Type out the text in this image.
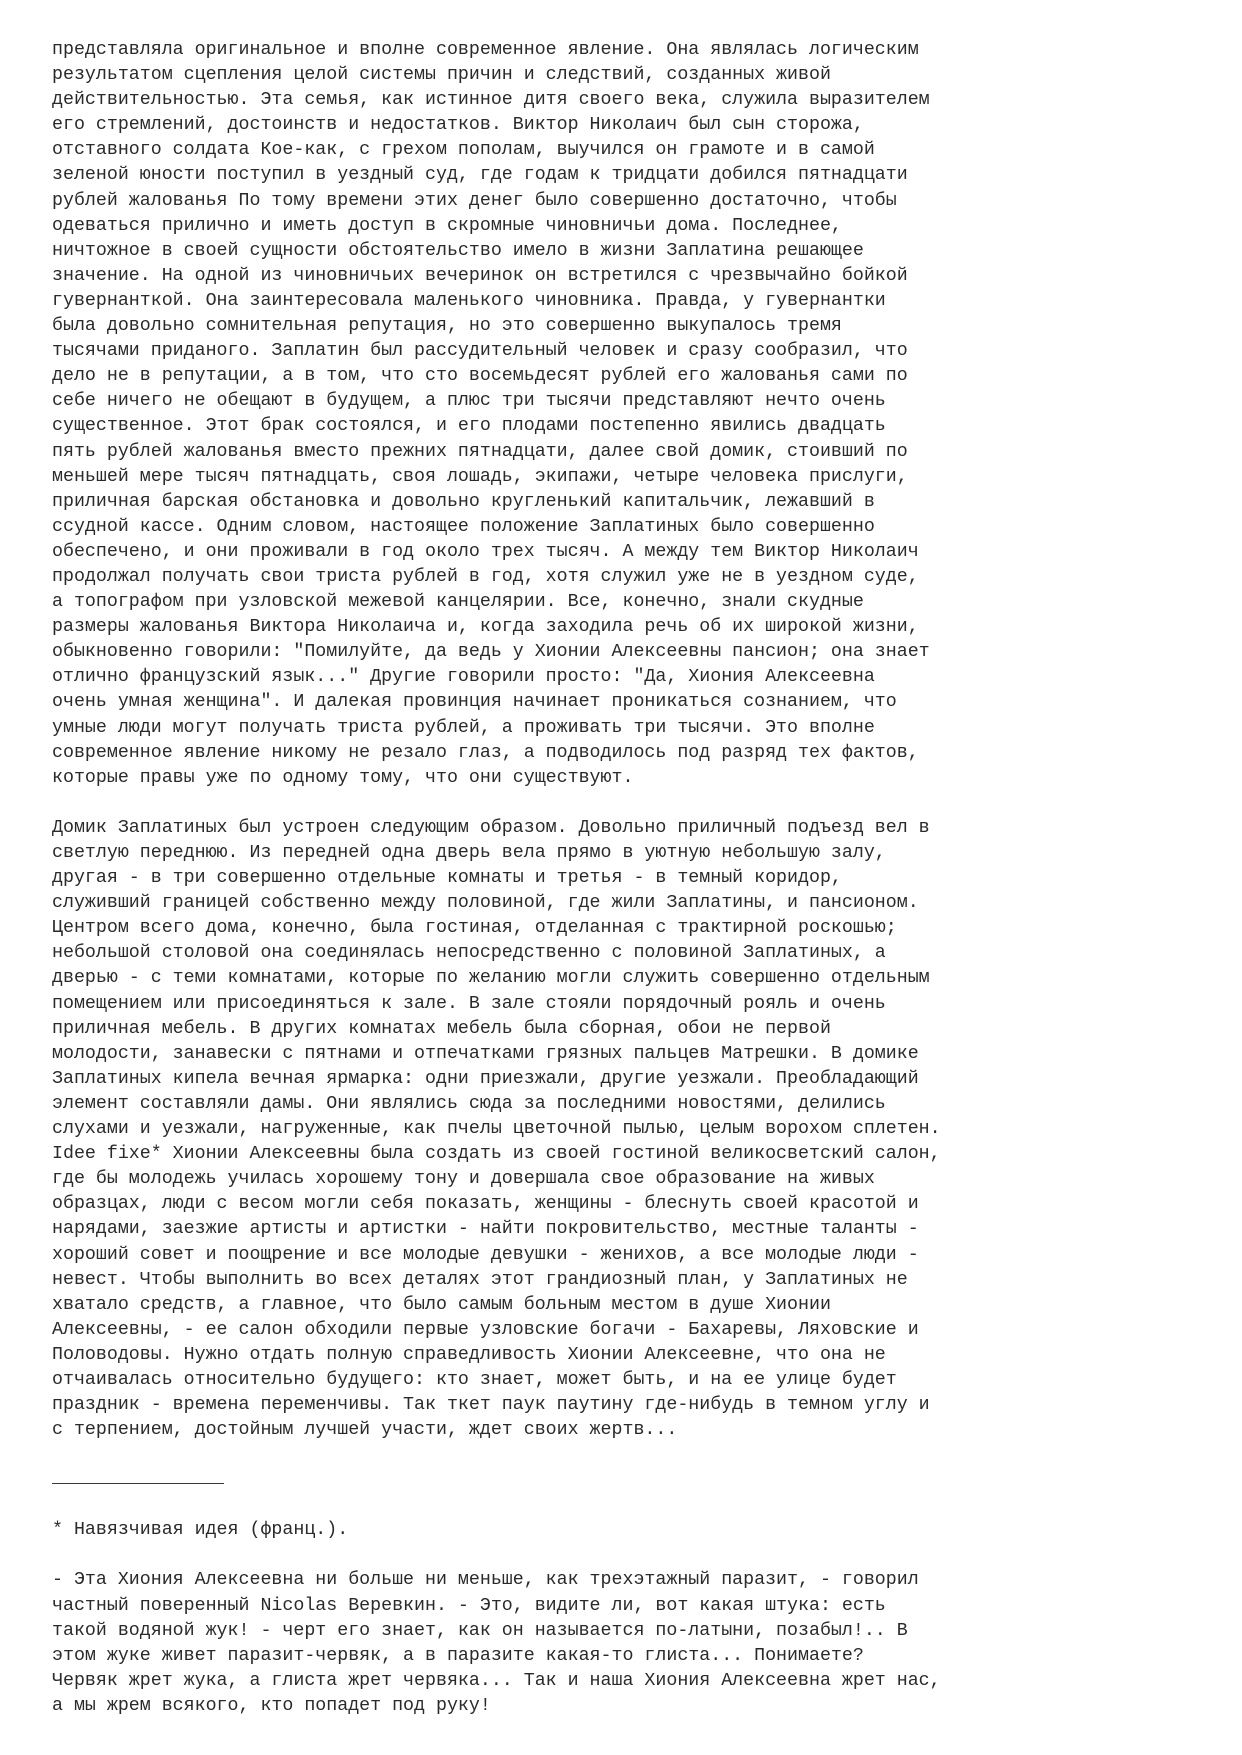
представляла оригинальное и вполне современное явление. Она являлась логическим
результатом сцепления целой системы причин и следствий, созданных живой
действительностью. Эта семья, как истинное дитя своего века, служила выразителем
его стремлений, достоинств и недостатков. Виктор Николаич был сын сторожа,
отставного солдата Кое-как, с грехом пополам, выучился он грамоте и в самой
зеленой юности поступил в уездный суд, где годам к тридцати добился пятнадцати
рублей жалованья По тому времени этих денег было совершенно достаточно, чтобы
одеваться прилично и иметь доступ в скромные чиновничьи дома. Последнее,
ничтожное в своей сущности обстоятельство имело в жизни Заплатина решающее
значение. На одной из чиновничьих вечеринок он встретился с чрезвычайно бойкой
гувернанткой. Она заинтересовала маленького чиновника. Правда, у гувернантки
была довольно сомнительная репутация, но это совершенно выкупалось тремя
тысячами приданого. Заплатин был рассудительный человек и сразу сообразил, что
дело не в репутации, а в том, что сто восемьдесят рублей его жалованья сами по
себе ничего не обещают в будущем, а плюс три тысячи представляют нечто очень
существенное. Этот брак состоялся, и его плодами постепенно явились двадцать
пять рублей жалованья вместо прежних пятнадцати, далее свой домик, стоивший по
меньшей мере тысяч пятнадцать, своя лошадь, экипажи, четыре человека прислуги,
приличная барская обстановка и довольно кругленький капитальчик, лежавший в
ссудной кассе. Одним словом, настоящее положение Заплатиных было совершенно
обеспечено, и они проживали в год около трех тысяч. А между тем Виктор Николаич
продолжал получать свои триста рублей в год, хотя служил уже не в уездном суде,
а топографом при узловской межевой канцелярии. Все, конечно, знали скудные
размеры жалованья Виктора Николаича и, когда заходила речь об их широкой жизни,
обыкновенно говорили: "Помилуйте, да ведь у Хионии Алексеевны пансион; она знает
отлично французский язык..." Другие говорили просто: "Да, Хиония Алексеевна
очень умная женщина". И далекая провинция начинает проникаться сознанием, что
умные люди могут получать триста рублей, а проживать три тысячи. Это вполне
современное явление никому не резало глаз, а подводилось под разряд тех фактов,
которые правы уже по одному тому, что они существуют.
Домик Заплатиных был устроен следующим образом. Довольно приличный подъезд вел в
светлую переднюю. Из передней одна дверь вела прямо в уютную небольшую залу,
другая - в три совершенно отдельные комнаты и третья - в темный коридор,
служивший границей собственно между половиной, где жили Заплатины, и пансионом.
Центром всего дома, конечно, была гостиная, отделанная с трактирной роскошью;
небольшой столовой она соединялась непосредственно с половиной Заплатиных, а
дверью - с теми комнатами, которые по желанию могли служить совершенно отдельным
помещением или присоединяться к зале. В зале стояли порядочный рояль и очень
приличная мебель. В других комнатах мебель была сборная, обои не первой
молодости, занавески с пятнами и отпечатками грязных пальцев Матрешки. В домике
Заплатиных кипела вечная ярмарка: одни приезжали, другие уезжали. Преобладающий
элемент составляли дамы. Они являлись сюда за последними новостями, делились
слухами и уезжали, нагруженные, как пчелы цветочной пылью, целым ворохом сплетен.
Idee fixe* Хионии Алексеевны была создать из своей гостиной великосветский салон,
где бы молодежь училась хорошему тону и довершала свое образование на живых
образцах, люди с весом могли себя показать, женщины - блеснуть своей красотой и
нарядами, заезжие артисты и артистки - найти покровительство, местные таланты -
хороший совет и поощрение и все молодые девушки - женихов, а все молодые люди -
невест. Чтобы выполнить во всех деталях этот грандиозный план, у Заплатиных не
хватало средств, а главное, что было самым больным местом в душе Хионии
Алексеевны, - ее салон обходили первые узловские богачи - Бахаревы, Ляховские и
Половодовы. Нужно отдать полную справедливость Хионии Алексеевне, что она не
отчаивалась относительно будущего: кто знает, может быть, и на ее улице будет
праздник - времена переменчивы. Так ткет паук паутину где-нибудь в темном углу и
с терпением, достойным лучшей участи, ждет своих жертв...
* Навязчивая идея (франц.).
- Эта Хиония Алексеевна ни больше ни меньше, как трехэтажный паразит, - говорил
частный поверенный Nicolas Веревкин. - Это, видите ли, вот какая штука: есть
такой водяной жук! - черт его знает, как он называется по-латыни, позабыл!.. В
этом жуке живет паразит-червяк, а в паразите какая-то глиста... Понимаете?
Червяк жрет жука, а глиста жрет червяка... Так и наша Хиония Алексеевна жрет нас,
а мы жрем всякого, кто попадет под руку!
